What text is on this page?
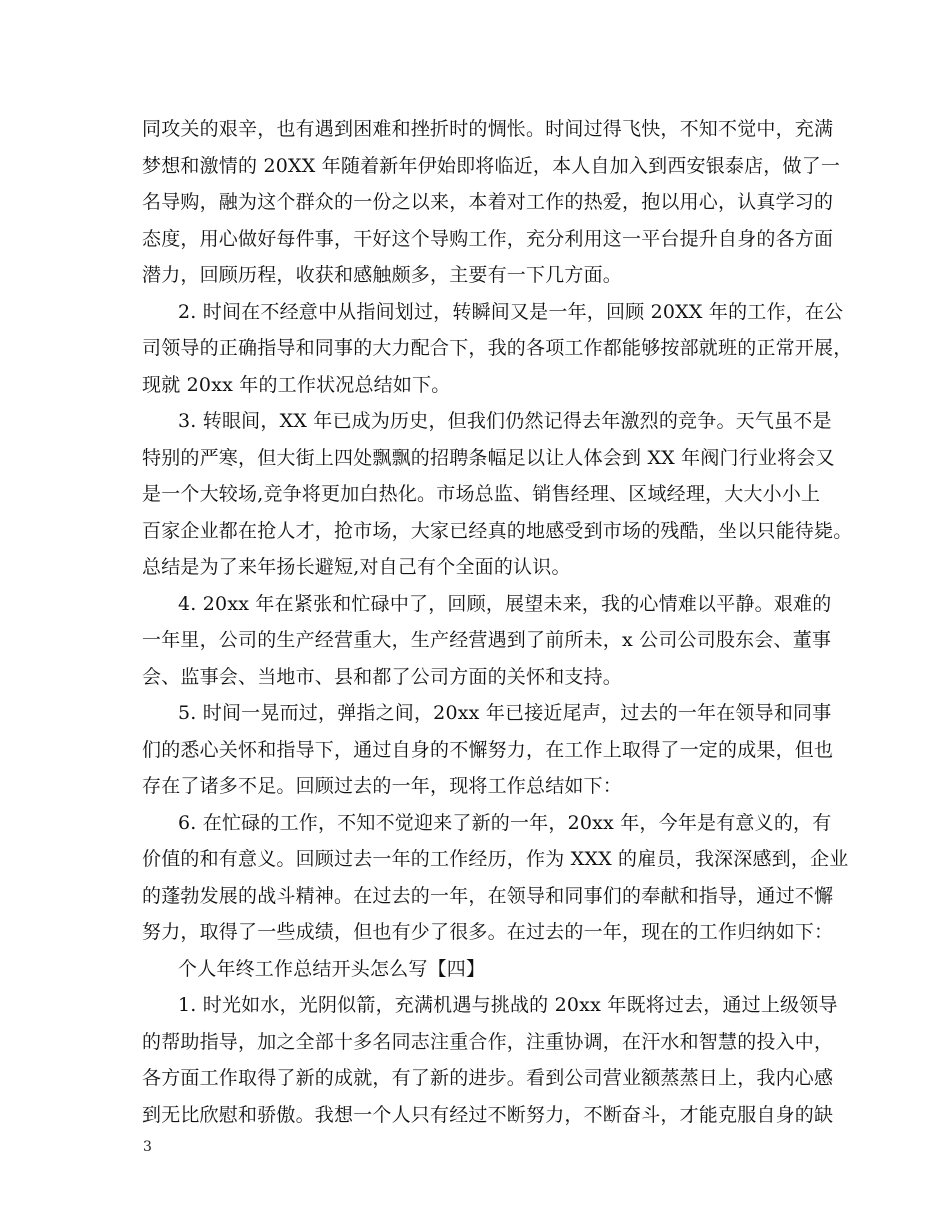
同攻关的艰辛，也有遇到困难和挫折时的惆怅。时间过得飞快，不知不觉中，充满
梦想和激情的 20XX 年随着新年伊始即将临近，本人自加入到西安银泰店，做了一
名导购，融为这个群众的一份之以来，本着对工作的热爱，抱以用心，认真学习的
态度，用心做好每件事，干好这个导购工作，充分利用这一平台提升自身的各方面
潜力，回顾历程，收获和感触颇多，主要有一下几方面。
2. 时间在不经意中从指间划过，转瞬间又是一年，回顾 20XX 年的工作，在公
司领导的正确指导和同事的大力配合下，我的各项工作都能够按部就班的正常开展，
现就 20xx 年的工作状况总结如下。
3. 转眼间，XX 年已成为历史，但我们仍然记得去年激烈的竞争。天气虽不是
特别的严寒，但大街上四处飘飘的招聘条幅足以让人体会到 XX 年阀门行业将会又
是一个大较场,竞争将更加白热化。市场总监、销售经理、区域经理，大大小小上
百家企业都在抢人才，抢市场，大家已经真的地感受到市场的残酷，坐以只能待毙。
总结是为了来年扬长避短,对自己有个全面的认识。
4. 20xx 年在紧张和忙碌中了，回顾，展望未来，我的心情难以平静。艰难的
一年里，公司的生产经营重大，生产经营遇到了前所未，x 公司公司股东会、董事
会、监事会、当地市、县和都了公司方面的关怀和支持。
5. 时间一晃而过，弹指之间，20xx 年已接近尾声，过去的一年在领导和同事
们的悉心关怀和指导下，通过自身的不懈努力，在工作上取得了一定的成果，但也
存在了诸多不足。回顾过去的一年，现将工作总结如下：
6. 在忙碌的工作，不知不觉迎来了新的一年，20xx 年，今年是有意义的，有
价值的和有意义。回顾过去一年的工作经历，作为 XXX 的雇员，我深深感到，企业
的蓬勃发展的战斗精神。在过去的一年，在领导和同事们的奉献和指导，通过不懈
努力，取得了一些成绩，但也有少了很多。在过去的一年，现在的工作归纳如下：
个人年终工作总结开头怎么写【四】
1. 时光如水，光阴似箭，充满机遇与挑战的 20xx 年既将过去，通过上级领导
的帮助指导，加之全部十多名同志注重合作，注重协调，在汗水和智慧的投入中，
各方面工作取得了新的成就，有了新的进步。看到公司营业额蒸蒸日上，我内心感
到无比欣慰和骄傲。我想一个人只有经过不断努力，不断奋斗，才能克服自身的缺
3
